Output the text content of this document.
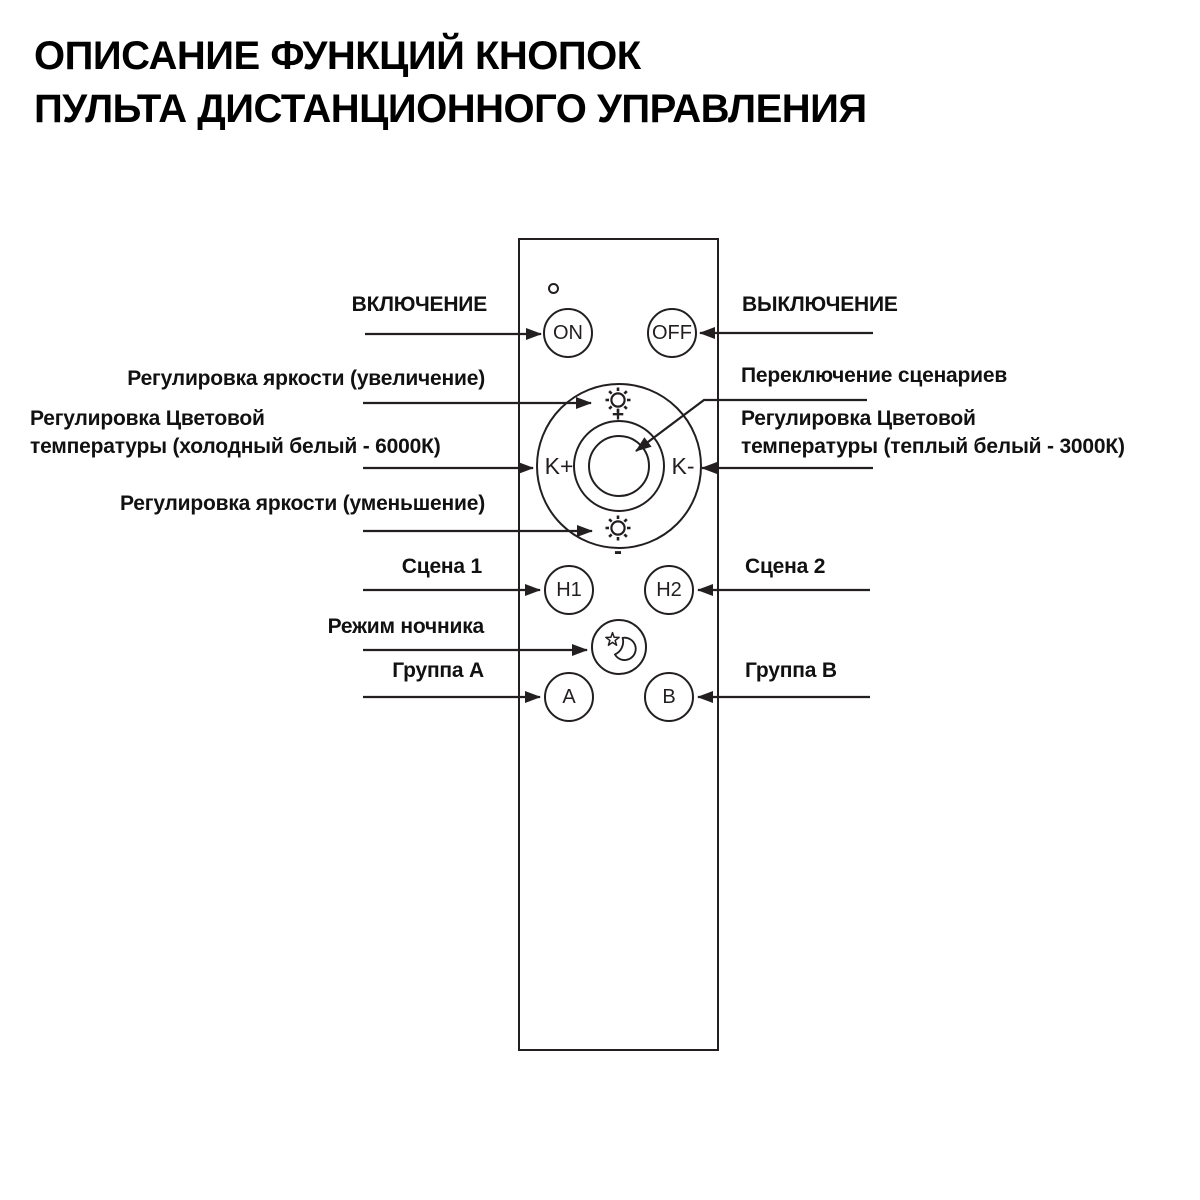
ОПИСАНИЕ ФУНКЦИЙ КНОПОК
ПУЛЬТА ДИСТАНЦИОННОГО УПРАВЛЕНИЯ
ВКЛЮЧЕНИЕ
Регулировка яркости (увеличение)
Регулировка Цветовой
температуры (холодный белый - 6000К)
Регулировка яркости (уменьшение)
Сцена 1
Режим ночника
Группа A
ВЫКЛЮЧЕНИЕ
Переключение сценариев
Регулировка Цветовой
температуры (теплый белый - 3000К)
Сцена 2
Группа B
ON	OFF
+
-
K+	K-
H1	H2
A	B
